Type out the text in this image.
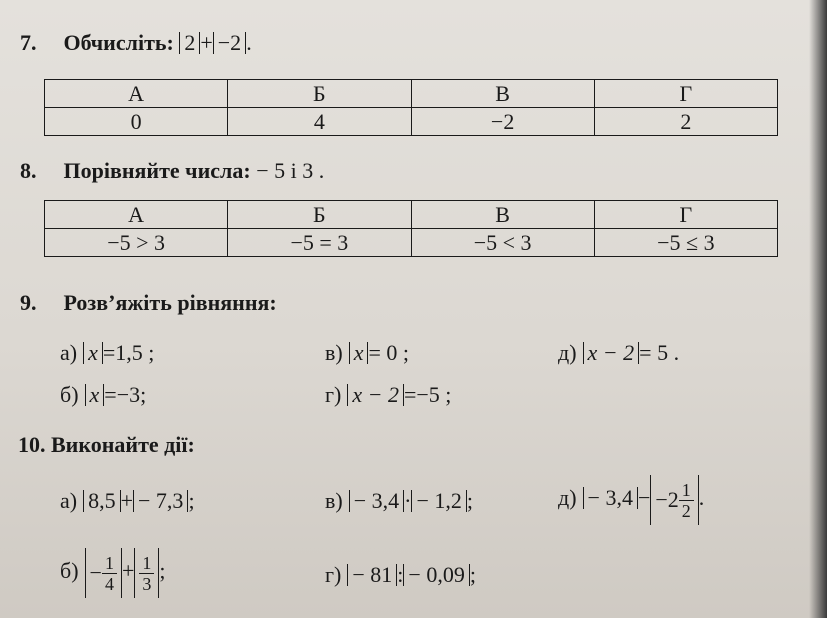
7. Обчисліть: 2 + −2 .
А	Б	В	Г
0	4	−2	2
8. Порівняйте числа: − 5 і 3 .
А	Б	В	Г
−5 > 3	−5 = 3	−5 < 3	−5 ≤ 3
9. Розв’яжіть рівняння:
а) x =1,5 ;	в) x = 0 ;	д) x − 2 = 5 .
б) x =−3;	г) x − 2 =−5 ;
10. Виконайте дії:
а) 8,5 + − 7,3 ;	в) − 3,4 · − 1,2 ;	$д) - 3,4 - -2 \frac{1}{2}$ .
$б) - \frac{1}{4} + \frac{1}{3}$ ;	г) − 81 : − 0,09 ;
